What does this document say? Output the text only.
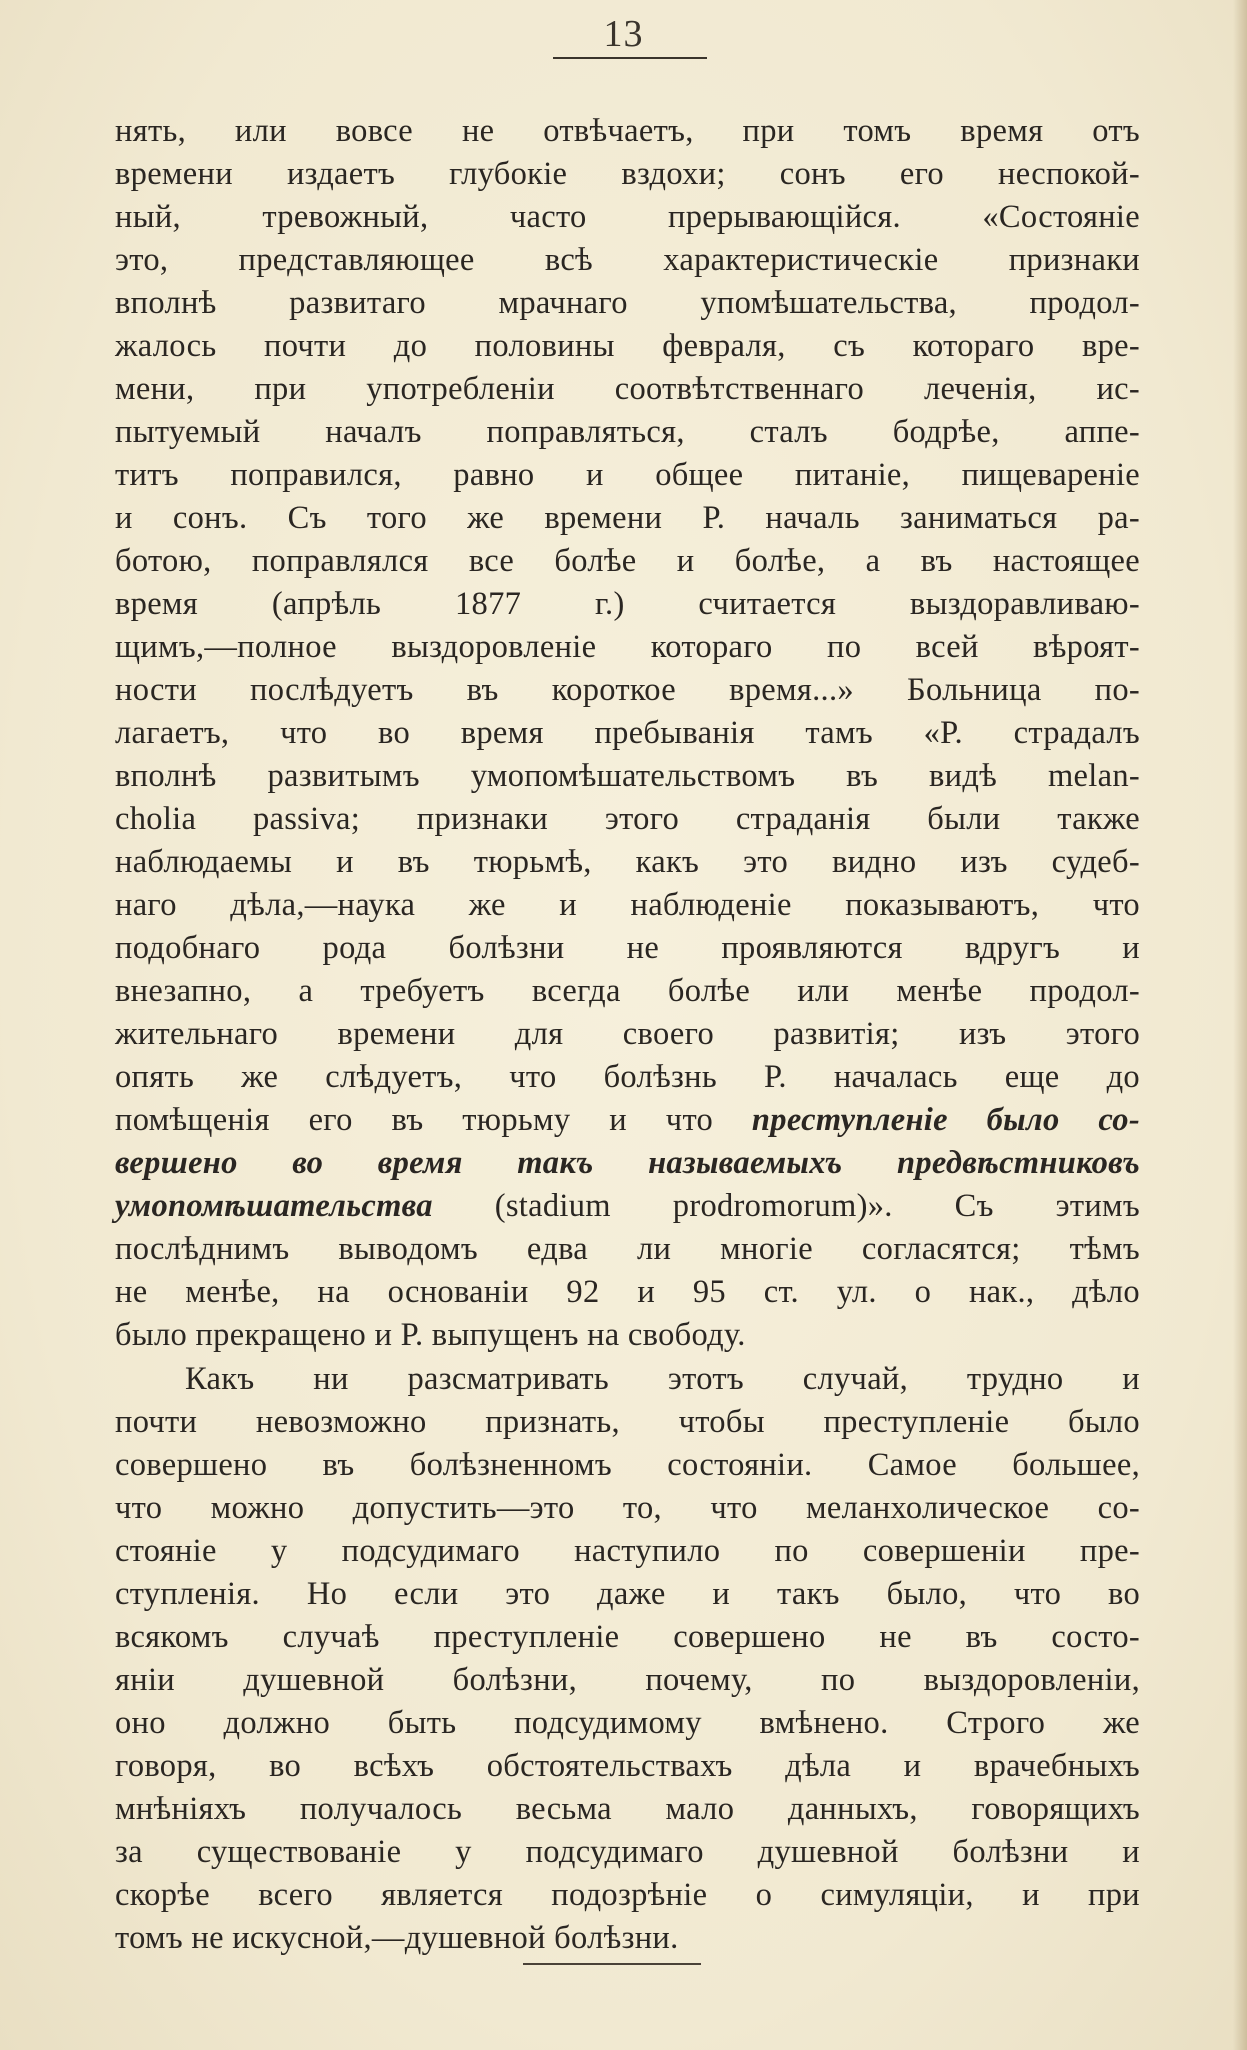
13
нять, или вовсе не отвѣчаетъ, при томъ время отъ
времени издаетъ глубокіе вздохи; сонъ его неспокой-
ный, тревожный, часто прерывающійся. «Состояніе
это, представляющее всѣ характеристическіе признаки
вполнѣ развитаго мрачнаго упомѣшательства, продол-
жалось почти до половины февраля, съ котораго вре-
мени, при употребленіи соотвѣтственнаго леченія, ис-
пытуемый началъ поправляться, сталъ бодрѣе, аппе-
титъ поправился, равно и общее питаніе, пищевареніе
и сонъ. Съ того же времени Р. началь заниматься ра-
ботою, поправлялся все болѣе и болѣе, а въ настоящее
время (апрѣль 1877 г.) считается выздоравливаю-
щимъ,—полное выздоровленіе котораго по всей вѣроят-
ности послѣдуетъ въ короткое время...» Больница по-
лагаетъ, что во время пребыванія тамъ «Р. страдалъ
вполнѣ развитымъ умопомѣшательствомъ въ видѣ melan-
cholia passiva; признаки этого страданія были также
наблюдаемы и въ тюрьмѣ, какъ это видно изъ судеб-
наго дѣла,—наука же и наблюденіе показываютъ, что
подобнаго рода болѣзни не проявляются вдругъ и
внезапно, а требуетъ всегда болѣе или менѣе продол-
жительнаго времени для своего развитія; изъ этого
опять же слѣдуетъ, что болѣзнь Р. началась еще до
помѣщенія его въ тюрьму и что преступленіе было со-
вершено во время такъ называемыхъ предвѣстниковъ
умопомѣшательства (stadium prodromorum)». Съ этимъ
послѣднимъ выводомъ едва ли многіе согласятся; тѣмъ
не менѣе, на основаніи 92 и 95 ст. ул. о нак., дѣло
было прекращено и Р. выпущенъ на свободу.
Какъ ни разсматривать этотъ случай, трудно и
почти невозможно признать, чтобы преступленіе было
совершено въ болѣзненномъ состояніи. Самое большее,
что можно допустить—это то, что меланхолическое со-
стояніе у подсудимаго наступило по совершеніи пре-
ступленія. Но если это даже и такъ было, что во
всякомъ случаѣ преступленіе совершено не въ состо-
яніи душевной болѣзни, почему, по выздоровленіи,
оно должно быть подсудимому вмѣнено. Строго же
говоря, во всѣхъ обстоятельствахъ дѣла и врачебныхъ
мнѣніяхъ получалось весьма мало данныхъ, говорящихъ
за существованіе у подсудимаго душевной болѣзни и
скорѣе всего является подозрѣніе о симуляціи, и при
томъ не искусной,—душевной болѣзни.
